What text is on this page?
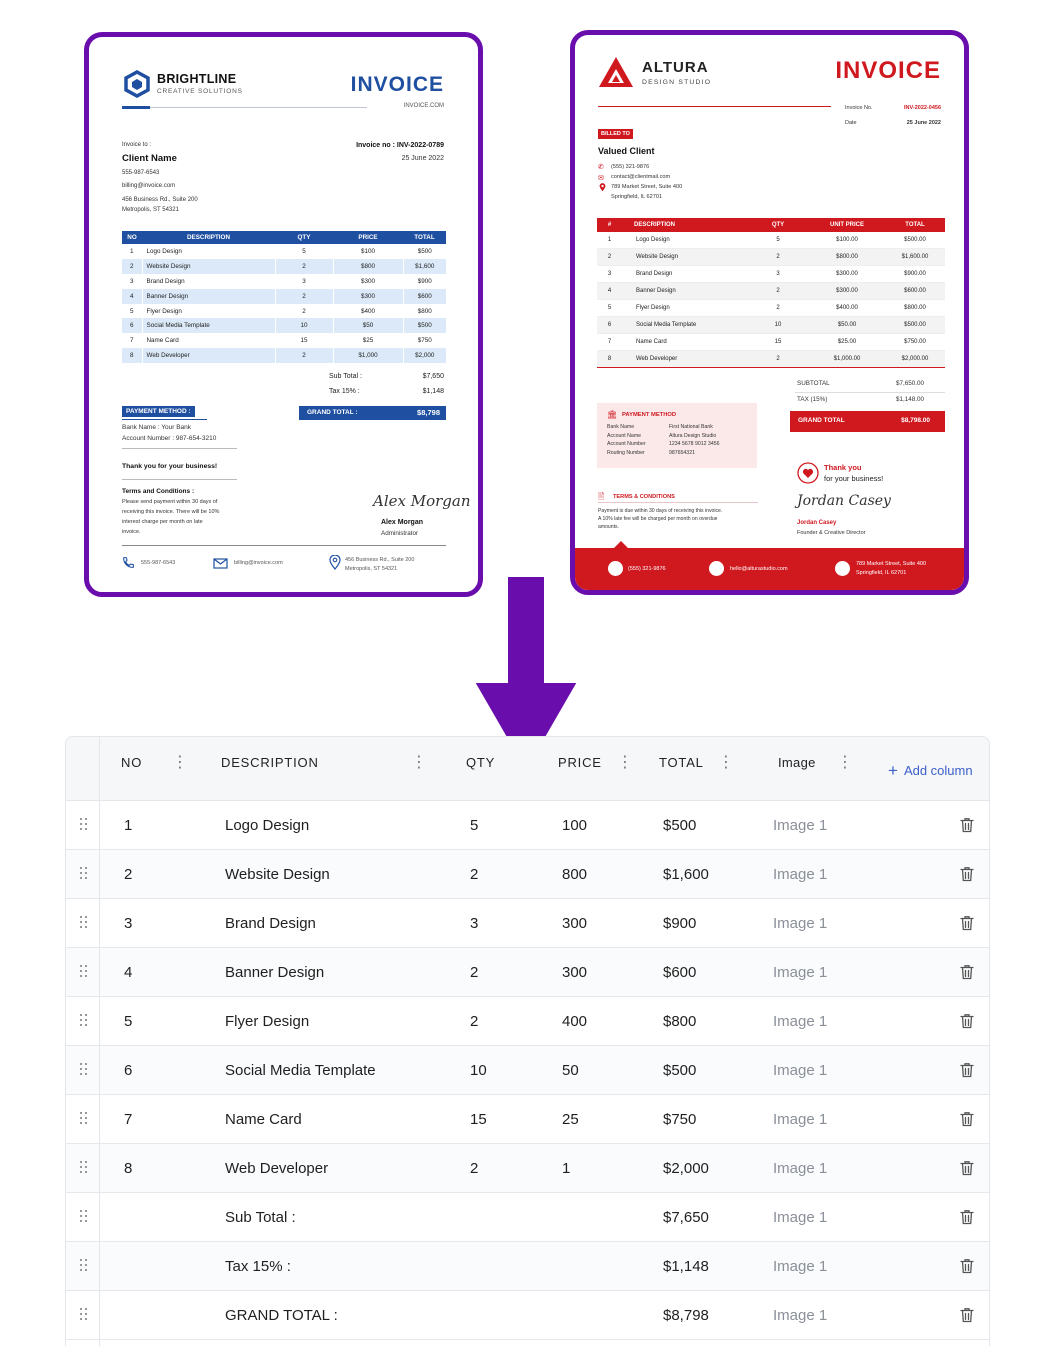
BRIGHTLINE
CREATIVE SOLUTIONS	INVOICE
INVOICE.COM
Invoice to :
Client Name
555-987-6543
billing@invoice.com
456 Business Rd., Suite 200
Metropolis, ST 54321
Invoice no : INV-2022-0789
25 June 2022
NO	DESCRIPTION	QTY	PRICE	TOTAL
1	Logo Design	5	$100	$500
2	Website Design	2	$800	$1,600
3	Brand Design	3	$300	$900
4	Banner Design	2	$300	$600
5	Flyer Design	2	$400	$800
6	Social Media Template	10	$50	$500
7	Name Card	15	$25	$750
8	Web Developer	2	$1,000	$2,000
Sub Total :	$7,650
Tax 15% :	$1,148
GRAND TOTAL :	$8,798
PAYMENT METHOD :
Bank Name : Your Bank
Account Number : 987-654-3210
Thank you for your business!
Terms and Conditions :
Please send payment within 30 days of
receiving this invoice. There will be 10%
interest charge per month on late
invoice.
Alex Morgan
Alex Morgan
Administrator
555-987-6543	billing@invoice.com	456 Business Rd., Suite 200
Metropolis, ST 54321
ALTURA
DESIGN STUDIO	INVOICE
Invoice No.	INV-2022-0456
Date	25 June 2022
BILLED TO
Valued Client
✆ (555) 321-9876
✉ contact@clientmail.com
789 Market Street, Suite 400
Springfield, IL 62701
#	DESCRIPTION	QTY	UNIT PRICE	TOTAL
1	Logo Design	5	$100.00	$500.00
2	Website Design	2	$800.00	$1,600.00
3	Brand Design	3	$300.00	$900.00
4	Banner Design	2	$300.00	$600.00
5	Flyer Design	2	$400.00	$800.00
6	Social Media Template	10	$50.00	$500.00
7	Name Card	15	$25.00	$750.00
8	Web Developer	2	$1,000.00	$2,000.00
SUBTOTAL	$7,650.00
TAX (15%)	$1,148.00
GRAND TOTAL	$8,798.00
🏛 PAYMENT METHOD
Bank Name	First National Bank
Account Name	Altura Design Studio
Account Number	1234 5678 9012 3456
Routing Number	987654321
Thank you
for your business!
🖹 TERMS & CONDITIONS
Payment is due within 30 days of receiving this invoice.
A 10% late fee will be charged per month on overdue
amounts.
Jordan Casey
Jordan Casey
Founder & Creative Director
(555) 321-9876	hello@alturastudio.com
789 Market Street, Suite 400
Springfield, IL 62701
NO ⋮	DESCRIPTION	⋮	QTY	PRICE ⋮ TOTAL ⋮	Image ⋮ + Add column
1	Logo Design	5	100	$500	Image 1
2	Website Design	2	800	$1,600	Image 1
3	Brand Design	3	300	$900	Image 1
4	Banner Design	2	300	$600	Image 1
5	Flyer Design	2	400	$800	Image 1
6	Social Media Template	10	50	$500	Image 1
7	Name Card	15	25	$750	Image 1
8	Web Developer	2	1	$2,000	Image 1
Sub Total :	$7,650	Image 1
Tax 15% :	$1,148	Image 1
GRAND TOTAL :	$8,798	Image 1
